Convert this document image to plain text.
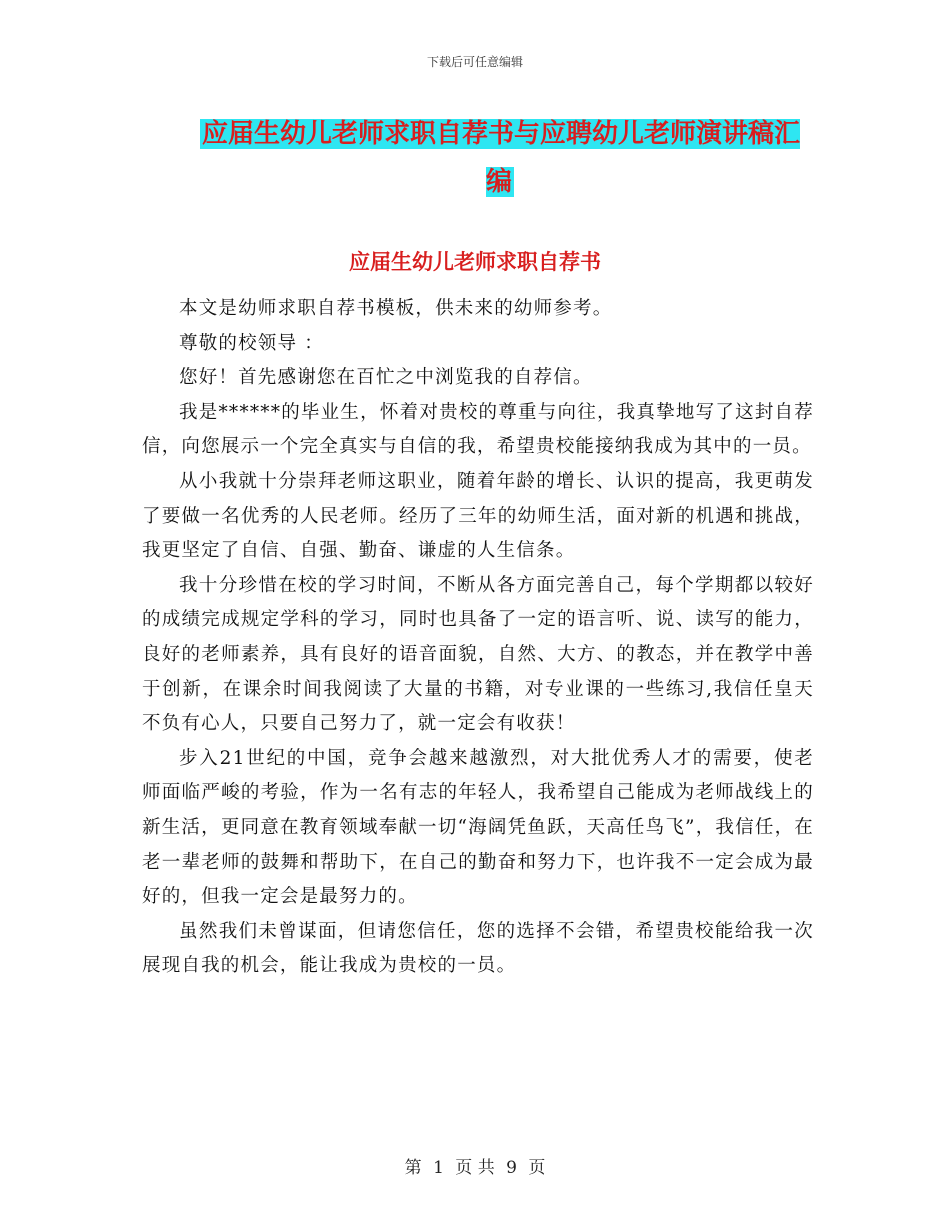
下载后可任意编辑
应届生幼儿老师求职自荐书与应聘幼儿老师演讲稿汇编
应届生幼儿老师求职自荐书

本文是幼师求职自荐书模板，供未来的幼师参考。

尊敬的校领导 ：

您好！首先感谢您在百忙之中浏览我的自荐信。

我是******的毕业生，怀着对贵校的尊重与向往，我真挚地写了这封自荐信，向您展示一个完全真实与自信的我，希望贵校能接纳我成为其中的一员。

从小我就十分崇拜老师这职业，随着年龄的增长、认识的提高，我更萌发了要做一名优秀的人民老师。经历了三年的幼师生活，面对新的机遇和挑战，我更坚定了自信、自强、勤奋、谦虚的人生信条。

我十分珍惜在校的学习时间，不断从各方面完善自己，每个学期都以较好的成绩完成规定学科的学习，同时也具备了一定的语言听、说、读写的能力，良好的老师素养，具有良好的语音面貌，自然、大方、的教态，并在教学中善于创新，在课余时间我阅读了大量的书籍，对专业课的一些练习,我信任皇天不负有心人，只要自己努力了，就一定会有收获！

步入21世纪的中国，竞争会越来越激烈，对大批优秀人才的需要，使老师面临严峻的考验，作为一名有志的年轻人，我希望自己能成为老师战线上的新生活，更同意在教育领域奉献一切“海阔凭鱼跃，天高任鸟飞”，我信任，在老一辈老师的鼓舞和帮助下，在自己的勤奋和努力下，也许我不一定会成为最好的，但我一定会是最努力的。

虽然我们未曾谋面，但请您信任，您的选择不会错，希望贵校能给我一次展现自我的机会，能让我成为贵校的一员。

第 1 页 共 9 页
